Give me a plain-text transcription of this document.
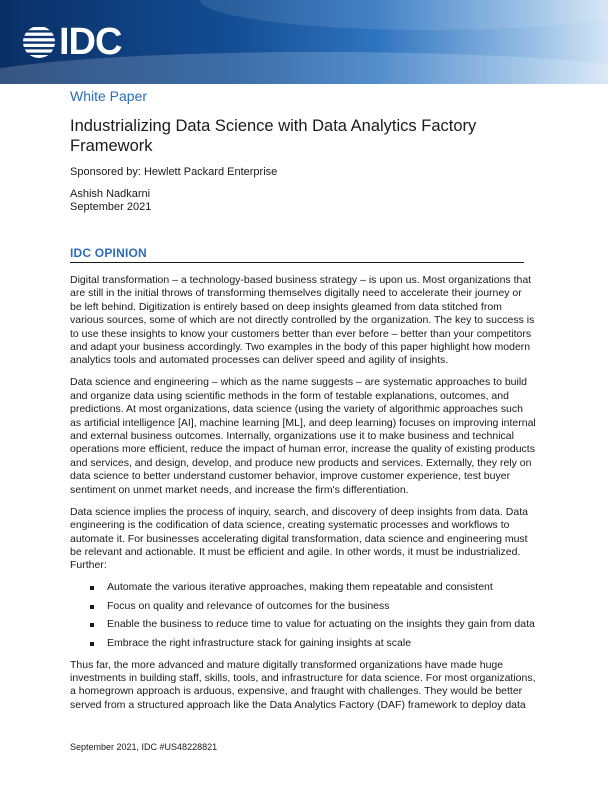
IDC
White Paper
Industrializing Data Science with Data Analytics Factory Framework
Sponsored by: Hewlett Packard Enterprise
Ashish Nadkarni
September 2021
IDC OPINION

Digital transformation – a technology-based business strategy – is upon us. Most organizations that are still in the initial throws of transforming themselves digitally need to accelerate their journey or be left behind. Digitization is entirely based on deep insights gleamed from data stitched from various sources, some of which are not directly controlled by the organization. The key to success is to use these insights to know your customers better than ever before – better than your competitors and adapt your business accordingly. Two examples in the body of this paper highlight how modern analytics tools and automated processes can deliver speed and agility of insights.

Data science and engineering – which as the name suggests – are systematic approaches to build and organize data using scientific methods in the form of testable explanations, outcomes, and predictions. At most organizations, data science (using the variety of algorithmic approaches such as artificial intelligence [AI], machine learning [ML], and deep learning) focuses on improving internal and external business outcomes. Internally, organizations use it to make business and technical operations more efficient, reduce the impact of human error, increase the quality of existing products and services, and design, develop, and produce new products and services. Externally, they rely on data science to better understand customer behavior, improve customer experience, test buyer sentiment on unmet market needs, and increase the firm's differentiation.

Data science implies the process of inquiry, search, and discovery of deep insights from data. Data engineering is the codification of data science, creating systematic processes and workflows to automate it. For businesses accelerating digital transformation, data science and engineering must be relevant and actionable. It must be efficient and agile. In other words, it must be industrialized. Further:

Automate the various iterative approaches, making them repeatable and consistent
Focus on quality and relevance of outcomes for the business
Enable the business to reduce time to value for actuating on the insights they gain from data
Embrace the right infrastructure stack for gaining insights at scale

Thus far, the more advanced and mature digitally transformed organizations have made huge investments in building staff, skills, tools, and infrastructure for data science. For most organizations, a homegrown approach is arduous, expensive, and fraught with challenges. They would be better served from a structured approach like the Data Analytics Factory (DAF) framework to deploy data

September 2021, IDC #US48228821
